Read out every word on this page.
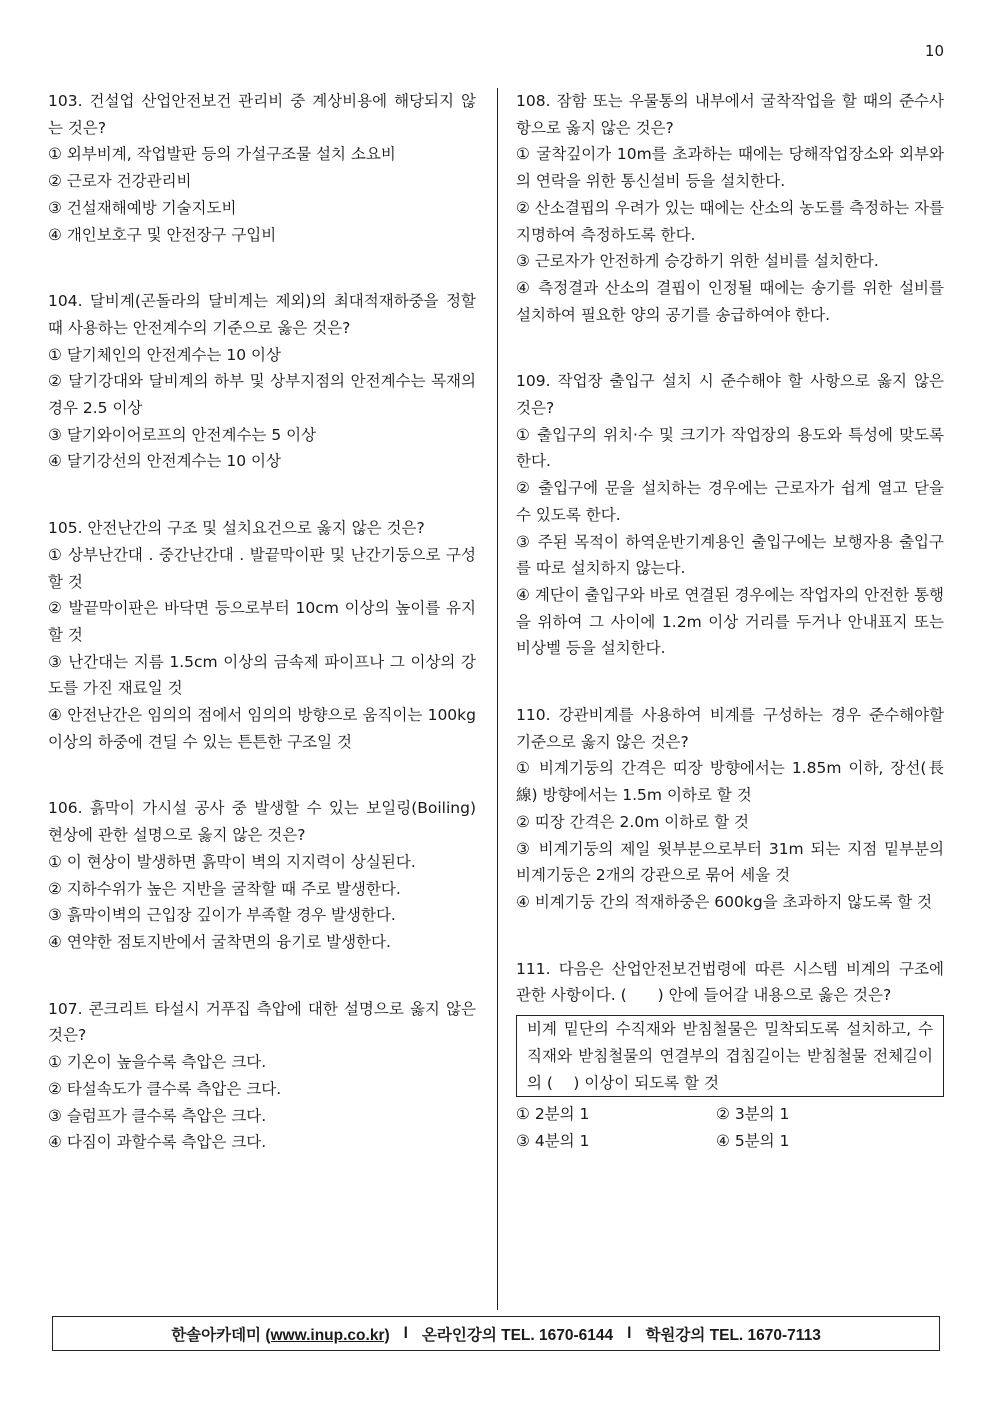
10
103. 건설업 산업안전보건 관리비 중 계상비용에 해당되지 않는 것은?
① 외부비계, 작업발판 등의 가설구조물 설치 소요비
② 근로자 건강관리비
③ 건설재해예방 기술지도비
④ 개인보호구 및 안전장구 구입비
104. 달비계(곤돌라의 달비계는 제외)의 최대적재하중을 정할 때 사용하는 안전계수의 기준으로 옳은 것은?
① 달기체인의 안전계수는 10 이상
② 달기강대와 달비계의 하부 및 상부지점의 안전계수는 목재의 경우 2.5 이상
③ 달기와이어로프의 안전계수는 5 이상
④ 달기강선의 안전계수는 10 이상
105. 안전난간의 구조 및 설치요건으로 옳지 않은 것은?
① 상부난간대 . 중간난간대 . 발끝막이판 및 난간기둥으로 구성할 것
② 발끝막이판은 바닥면 등으로부터 10cm 이상의 높이를 유지할 것
③ 난간대는 지름 1.5cm 이상의 금속제 파이프나 그 이상의 강도를 가진 재료일 것
④ 안전난간은 임의의 점에서 임의의 방향으로 움직이는 100kg 이상의 하중에 견딜 수 있는 튼튼한 구조일 것
106. 흙막이 가시설 공사 중 발생할 수 있는 보일링(Boiling) 현상에 관한 설명으로 옳지 않은 것은?
① 이 현상이 발생하면 흙막이 벽의 지지력이 상실된다.
② 지하수위가 높은 지반을 굴착할 때 주로 발생한다.
③ 흙막이벽의 근입장 깊이가 부족할 경우 발생한다.
④ 연약한 점토지반에서 굴착면의 융기로 발생한다.
107. 콘크리트 타설시 거푸집 측압에 대한 설명으로 옳지 않은 것은?
① 기온이 높을수록 측압은 크다.
② 타설속도가 클수록 측압은 크다.
③ 슬럼프가 클수록 측압은 크다.
④ 다짐이 과할수록 측압은 크다.
108. 잠함 또는 우물통의 내부에서 굴착작업을 할 때의 준수사항으로 옳지 않은 것은?
① 굴착깊이가 10m를 초과하는 때에는 당해작업장소와 외부와의 연락을 위한 통신설비 등을 설치한다.
② 산소결핍의 우려가 있는 때에는 산소의 농도를 측정하는 자를 지명하여 측정하도록 한다.
③ 근로자가 안전하게 승강하기 위한 설비를 설치한다.
④ 측정결과 산소의 결핍이 인정될 때에는 송기를 위한 설비를 설치하여 필요한 양의 공기를 송급하여야 한다.
109. 작업장 출입구 설치 시 준수해야 할 사항으로 옳지 않은 것은?
① 출입구의 위치·수 및 크기가 작업장의 용도와 특성에 맞도록 한다.
② 출입구에 문을 설치하는 경우에는 근로자가 쉽게 열고 닫을 수 있도록 한다.
③ 주된 목적이 하역운반기계용인 출입구에는 보행자용 출입구를 따로 설치하지 않는다.
④ 계단이 출입구와 바로 연결된 경우에는 작업자의 안전한 통행을 위하여 그 사이에 1.2m 이상 거리를 두거나 안내표지 또는 비상벨 등을 설치한다.
110. 강관비계를 사용하여 비계를 구성하는 경우 준수해야할 기준으로 옳지 않은 것은?
① 비계기둥의 간격은 띠장 방향에서는 1.85m 이하, 장선(長線) 방향에서는 1.5m 이하로 할 것
② 띠장 간격은 2.0m 이하로 할 것
③ 비계기둥의 제일 윗부분으로부터 31m 되는 지점 밑부분의 비계기둥은 2개의 강관으로 묶어 세울 것
④ 비계기둥 간의 적재하중은 600kg을 초과하지 않도록 할 것
111. 다음은 산업안전보건법령에 따른 시스템 비계의 구조에 관한 사항이다. (　　) 안에 들어갈 내용으로 옳은 것은?
비계 밑단의 수직재와 받침철물은 밀착되도록 설치하고, 수직재와 받침철물의 연결부의 겹침길이는 받침철물 전체길이의 (　 ) 이상이 되도록 할 것
① 2분의 1	② 3분의 1
③ 4분의 1	④ 5분의 1
한솔아카데미 (www.inup.co.kr) l 온라인강의 TEL. 1670-6144 l 학원강의 TEL. 1670-7113
